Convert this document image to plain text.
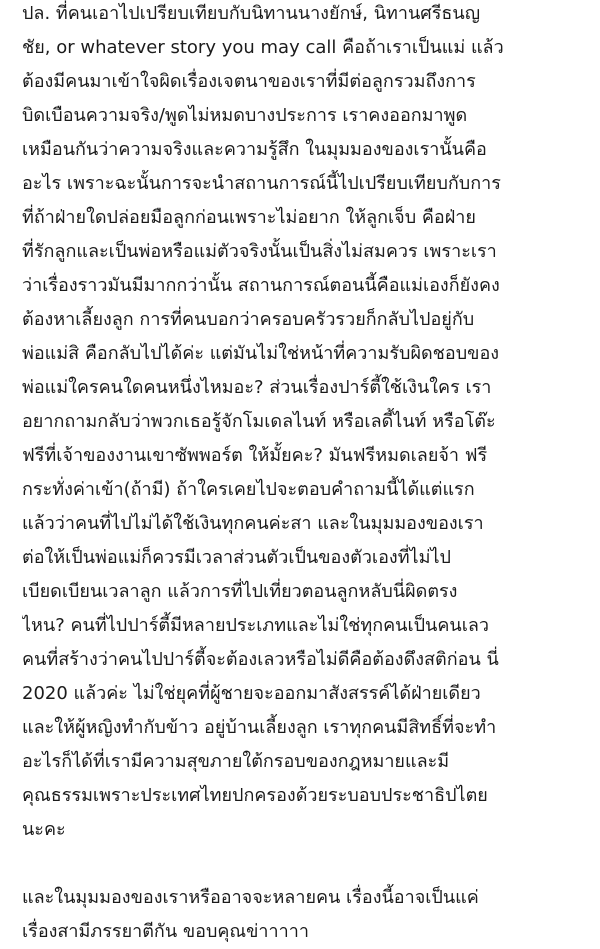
ปล. ที่คนเอาไปเปรียบเทียบกับนิทานนางยักษ์, นิทานศรีธนญ
ชัย, or whatever story you may call คือถ้าเราเป็นแม่ แล้ว
ต้องมีคนมาเข้าใจผิดเรื่องเจตนาของเราที่มีต่อลูกรวมถึงการ
บิดเบือนความจริง/พูดไม่หมดบางประการ เราคงออกมาพูด
เหมือนกันว่าความจริงและความรู้สึก ในมุมมองของเรานั้นคือ
อะไร เพราะฉะนั้นการจะนำสถานการณ์นี้ไปเปรียบเทียบกับการ
ที่ถ้าฝ่ายใดปล่อยมือลูกก่อนเพราะไม่อยาก ให้ลูกเจ็บ คือฝ่าย
ที่รักลูกและเป็นพ่อหรือแม่ตัวจริงนั้นเป็นสิ่งไม่สมควร เพราะเรา
ว่าเรื่องราวมันมีมากกว่านั้น สถานการณ์ตอนนี้คือแม่เองก็ยังคง
ต้องหาเลี้ยงลูก การที่คนบอกว่าครอบครัวรวยก็กลับไปอยู่กับ
พ่อแม่สิ คือกลับไปได้ค่ะ แต่มันไม่ใช่หน้าที่ความรับผิดชอบของ
พ่อแม่ใครคนใดคนหนึ่งไหมอะ? ส่วนเรื่องปาร์ตี้ใช้เงินใคร เรา
อยากถามกลับว่าพวกเธอรู้จักโมเดลไนท์ หรือเลดี้ไนท์ หรือโต๊ะ
ฟรีที่เจ้าของงานเขาซัพพอร์ต ให้มั้ยคะ? มันฟรีหมดเลยจ้า ฟรี
กระทั่งค่าเข้า(ถ้ามี) ถ้าใครเคยไปจะตอบคำถามนี้ได้แต่แรก
แล้วว่าคนที่ไปไม่ได้ใช้เงินทุกคนค่ะสา และในมุมมองของเรา
ต่อให้เป็นพ่อแม่ก็ควรมีเวลาส่วนตัวเป็นของตัวเองที่ไม่ไป
เบียดเบียนเวลาลูก แล้วการที่ไปเที่ยวตอนลูกหลับนี่ผิดตรง
ไหน? คนที่ไปปาร์ตี้มีหลายประเภทและไม่ใช่ทุกคนเป็นคนเลว
คนที่สร้างว่าคนไปปาร์ตี้จะต้องเลวหรือไม่ดีคือต้องดึงสติก่อน นี่
2020 แล้วค่ะ ไม่ใช่ยุคที่ผู้ชายจะออกมาสังสรรค์ได้ฝ่ายเดียว
และให้ผู้หญิงทำกับข้าว อยู่บ้านเลี้ยงลูก เราทุกคนมีสิทธิ์ที่จะทำ
อะไรก็ได้ที่เรามีความสุขภายใต้กรอบของกฎหมายและมี
คุณธรรมเพราะประเทศไทยปกครองด้วยระบอบประชาธิปไตย
นะคะ
และในมุมมองของเราหรืออาจจะหลายคน เรื่องนี้อาจเป็นแค่
เรื่องสามีภรรยาตีกัน ขอบคุณข่าาาาา
